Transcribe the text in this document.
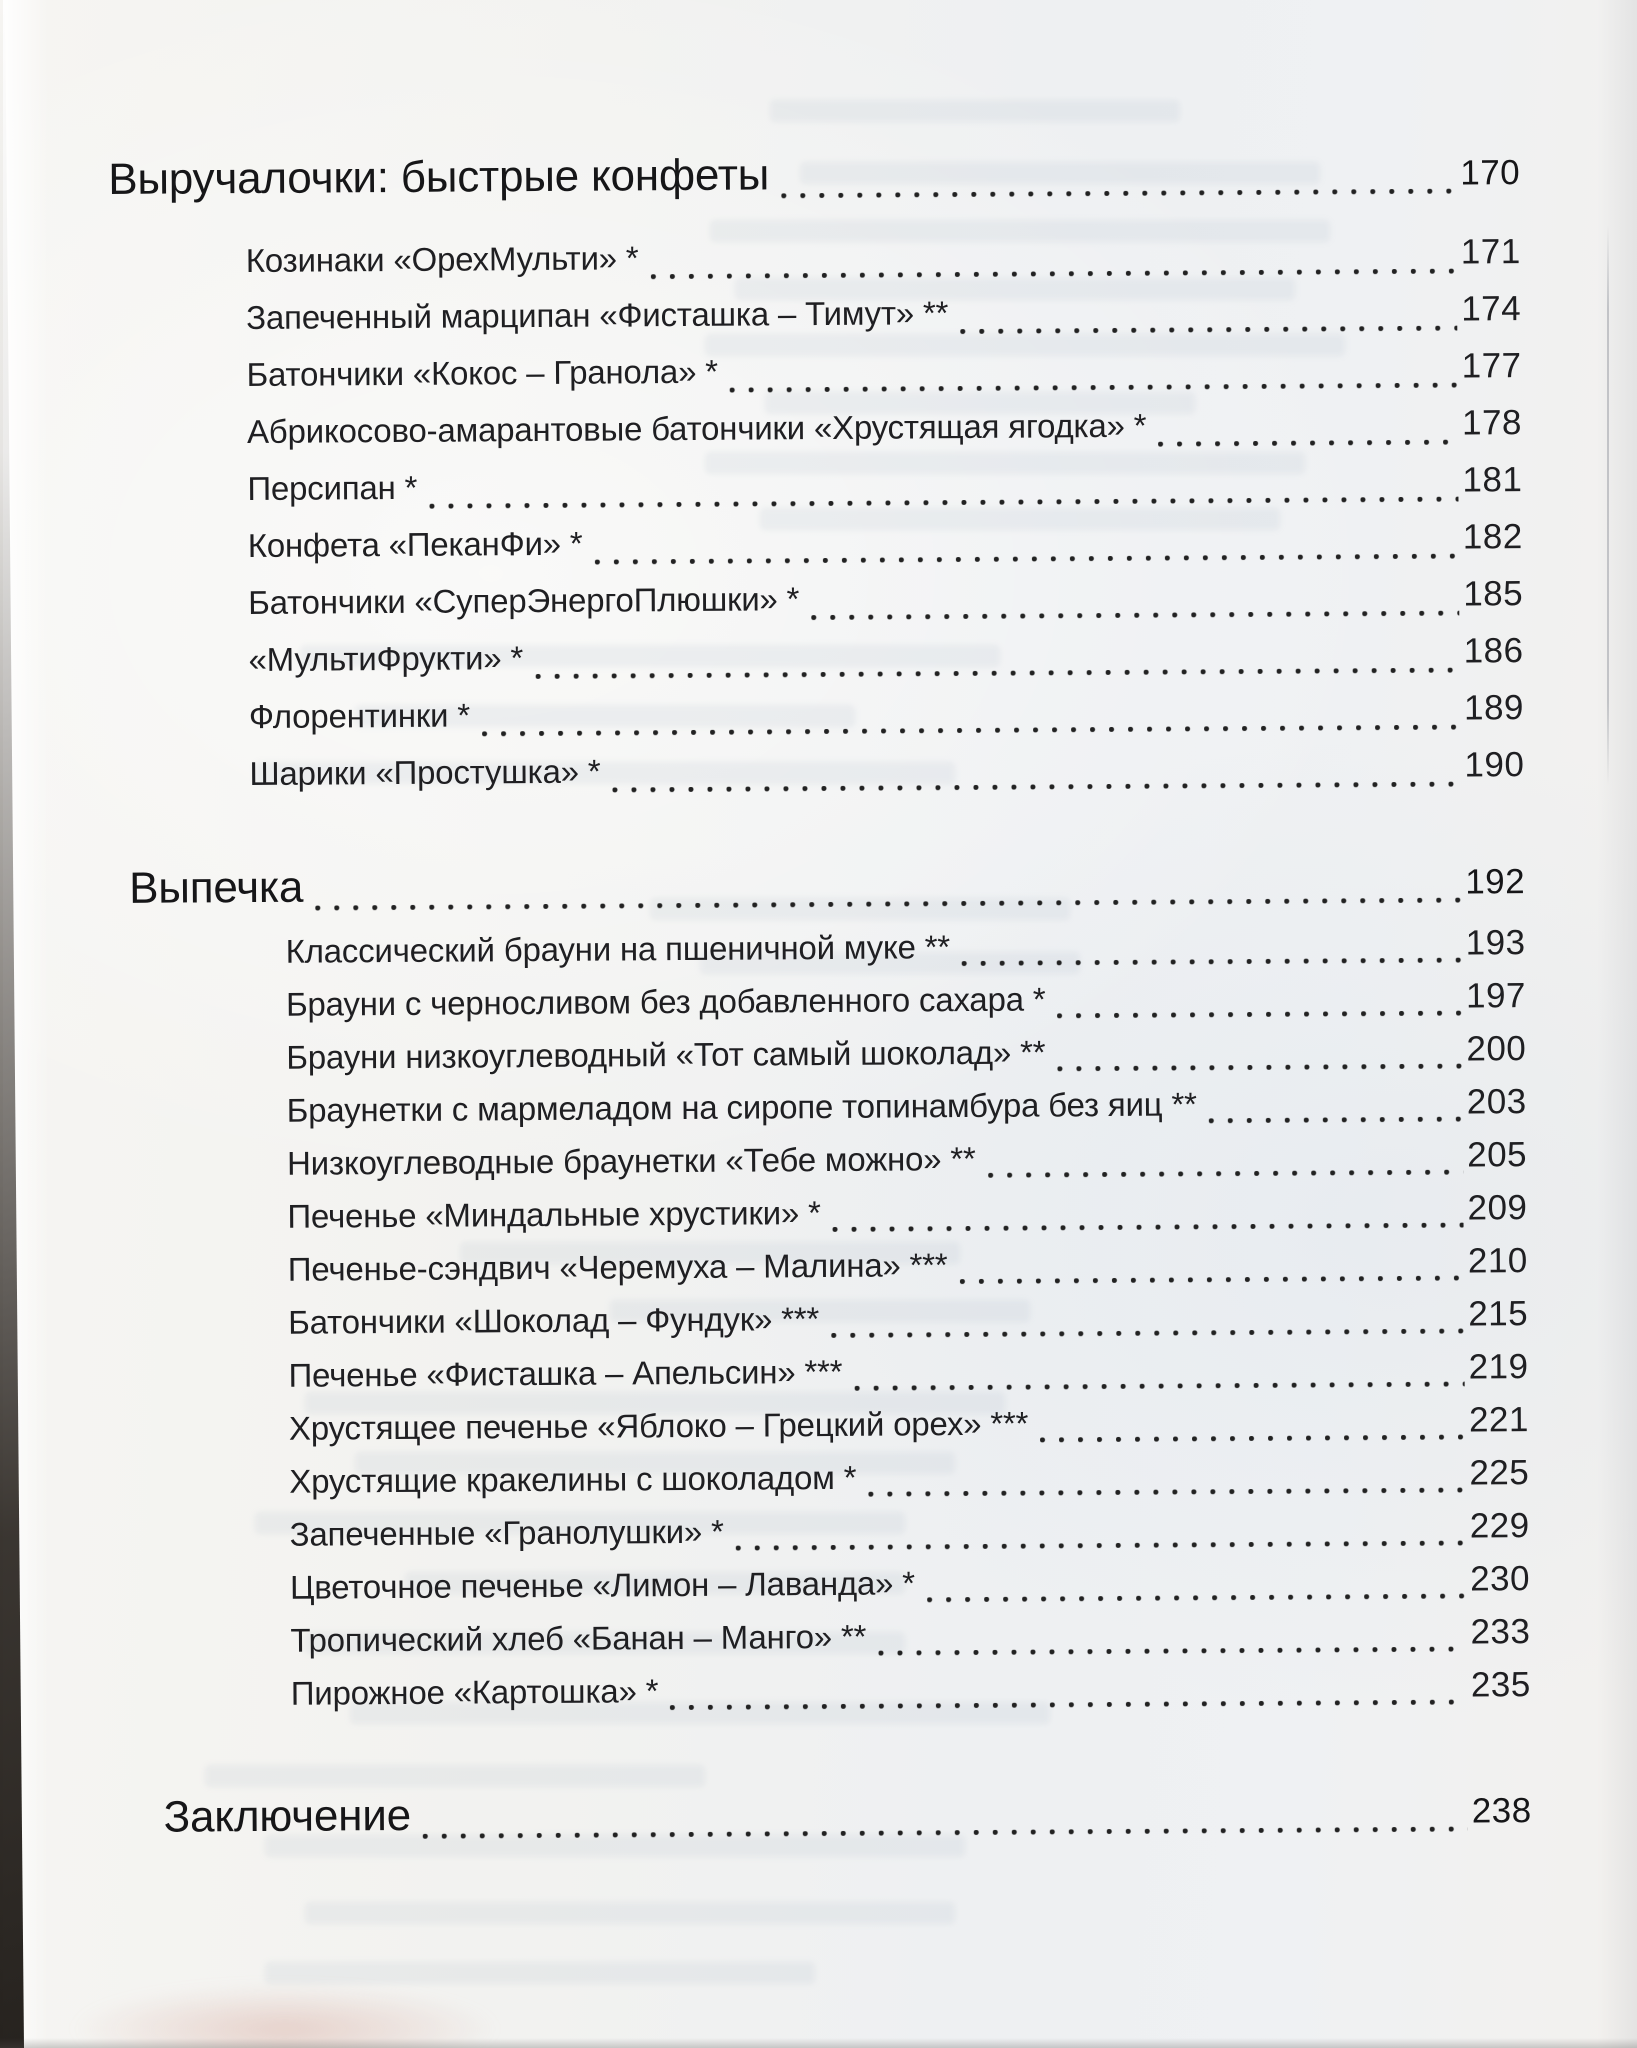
Выручалочки: быстрые конфеты	170
Козинаки «ОрехМульти» *	171
Запеченный марципан «Фисташка – Тимут» **	174
Батончики «Кокос – Гранола» *	177
Абрикосово-амарантовые батончики «Хрустящая ягодка» *	178
Персипан *	181
Конфета «ПеканФи» *	182
Батончики «СуперЭнергоПлюшки» *	185
«МультиФрукти» *	186
Флорентинки *	189
Шарики «Простушка» *	190
Выпечка	192
Классический брауни на пшеничной муке **	193
Брауни с черносливом без добавленного сахара *	197
Брауни низкоуглеводный «Тот самый шоколад» **	200
Браунетки с мармеладом на сиропе топинамбура без яиц **	203
Низкоуглеводные браунетки «Тебе можно» **	205
Печенье «Миндальные хрустики» *	209
Печенье-сэндвич «Черемуха – Малина» ***	210
Батончики «Шоколад – Фундук» ***	215
Печенье «Фисташка – Апельсин» ***	219
Хрустящее печенье «Яблоко – Грецкий орех» ***	221
Хрустящие кракелины с шоколадом *	225
Запеченные «Гранолушки» *	229
Цветочное печенье «Лимон – Лаванда» *	230
Тропический хлеб «Банан – Манго» **	233
Пирожное «Картошка» *	235
Заключение	238
